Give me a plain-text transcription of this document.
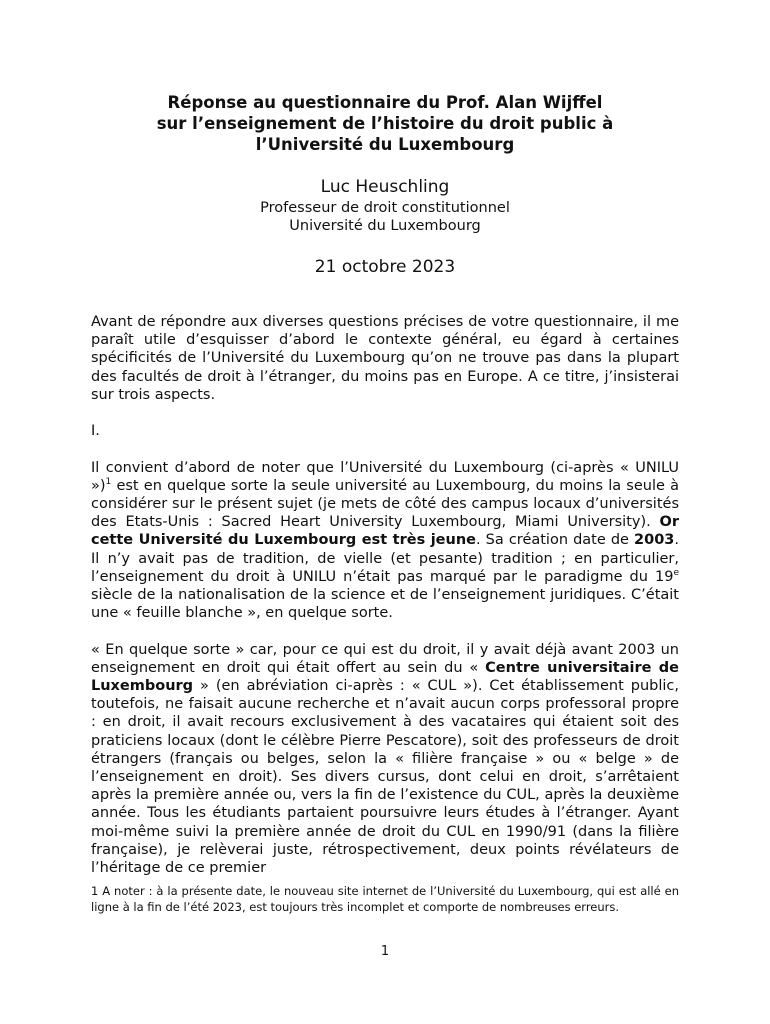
Réponse au questionnaire du Prof. Alan Wijffel
sur l’enseignement de l’histoire du droit public à
l’Université du Luxembourg
Luc Heuschling
Professeur de droit constitutionnel
Université du Luxembourg
21 octobre 2023

Avant de répondre aux diverses questions précises de votre questionnaire, il me paraît utile d’esquisser d’abord le contexte général, eu égard à certaines spécificités de l’Université du Luxembourg qu’on ne trouve pas dans la plupart des facultés de droit à l’étranger, du moins pas en Europe. A ce titre, j’insisterai sur trois aspects.

I.

Il convient d’abord de noter que l’Université du Luxembourg (ci-après « UNILU »)$^1$ est en quelque sorte la seule université au Luxembourg, du moins la seule à considérer sur le présent sujet (je mets de côté des campus locaux d’universités des Etats-Unis : Sacred Heart University Luxembourg, Miami University). Or cette Université du Luxembourg est très jeune. Sa création date de 2003. Il n’y avait pas de tradition, de vielle (et pesante) tradition ; en particulier, l’enseignement du droit à UNILU n’était pas marqué par le paradigme du 19e siècle de la nationalisation de la science et de l’enseignement juridiques. C’était une « feuille blanche », en quelque sorte.

« En quelque sorte » car, pour ce qui est du droit, il y avait déjà avant 2003 un enseignement en droit qui était offert au sein du « Centre universitaire de Luxembourg » (en abréviation ci-après : « CUL »). Cet établissement public, toutefois, ne faisait aucune recherche et n’avait aucun corps professoral propre : en droit, il avait recours exclusivement à des vacataires qui étaient soit des praticiens locaux (dont le célèbre Pierre Pescatore), soit des professeurs de droit étrangers (français ou belges, selon la « filière française » ou « belge » de l’enseignement en droit). Ses divers cursus, dont celui en droit, s’arrêtaient après la première année ou, vers la fin de l’existence du CUL, après la deuxième année. Tous les étudiants partaient poursuivre leurs études à l’étranger. Ayant moi-même suivi la première année de droit du CUL en 1990/91 (dans la filière française), je relèverai juste, rétrospectivement, deux points révélateurs de l’héritage de ce premier

1 A noter : à la présente date, le nouveau site internet de l’Université du Luxembourg, qui est allé en ligne à la fin de l’été 2023, est toujours très incomplet et comporte de nombreuses erreurs.
1
